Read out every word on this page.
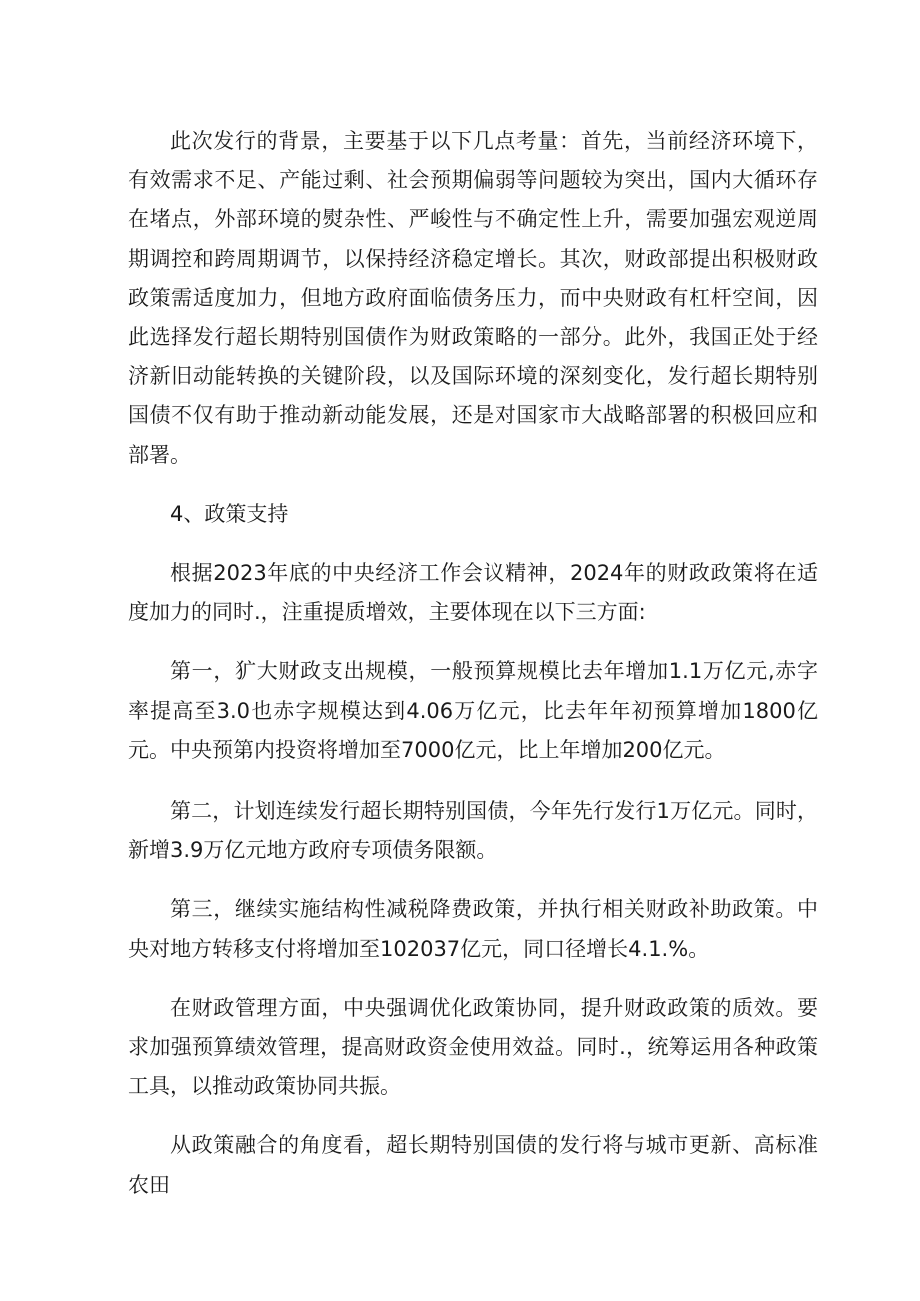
此次发行的背景，主要基于以下几点考量：首先，当前经济环境下，有效需求不足、产能过剩、社会预期偏弱等问题较为突出，国内大循环存在堵点，外部环境的熨杂性、严峻性与不确定性上升，需要加强宏观逆周期调控和跨周期调节，以保持经济稳定增长。其次，财政部提出积极财政政策需适度加力，但地方政府面临债务压力，而中央财政有杠杆空间，因此选择发行超长期特别国债作为财政策略的一部分。此外，我国正处于经济新旧动能转换的关键阶段，以及国际环境的深刻变化，发行超长期特别国债不仅有助于推动新动能发展，还是对国家市大战略部署的积极回应和部署。

4、政策支持

根据2023年底的中央经济工作会议精神，2024年的财政政策将在适度加力的同时.，注重提质增效，主要体现在以下三方面:

第一，犷大财政支出规模，一般预算规模比去年增加1.1万亿元,赤字率提高至3.0也赤字规模达到4.06万亿元，比去年年初预算增加1800亿元。中央预第内投资将增加至7000亿元，比上年增加200亿元。

第二，计划连续发行超长期特别国债，今年先行发行1万亿元。同时，新增3.9万亿元地方政府专项债务限额。

第三，继续实施结构性减税降费政策，并执行相关财政补助政策。中央对地方转移支付将增加至102037亿元，同口径增长4.1.%。

在财政管理方面，中央强调优化政策协同，提升财政政策的质效。要求加强预算绩效管理，提高财政资金使用效益。同时.，统筹运用各种政策工具，以推动政策协同共振。

从政策融合的角度看，超长期特别国债的发行将与城市更新、高标准农田
